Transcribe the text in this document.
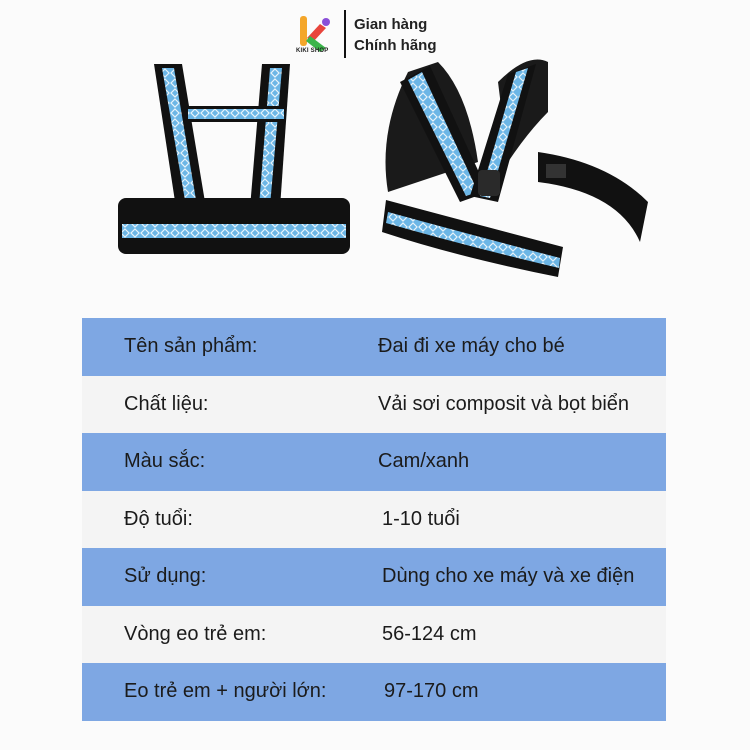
KIKI SHOP
Gian hàng
Chính hãng
Tên sản phẩm:	Đai đi xe máy cho bé
Chất liệu:	Vải sơi composit và bọt biển
Màu sắc:	Cam/xanh
Độ tuổi:	1-10 tuổi
Sử dụng:	Dùng cho xe máy và xe điện
Vòng eo trẻ em:	56-124 cm
Eo trẻ em + người lớn:	97-170 cm
